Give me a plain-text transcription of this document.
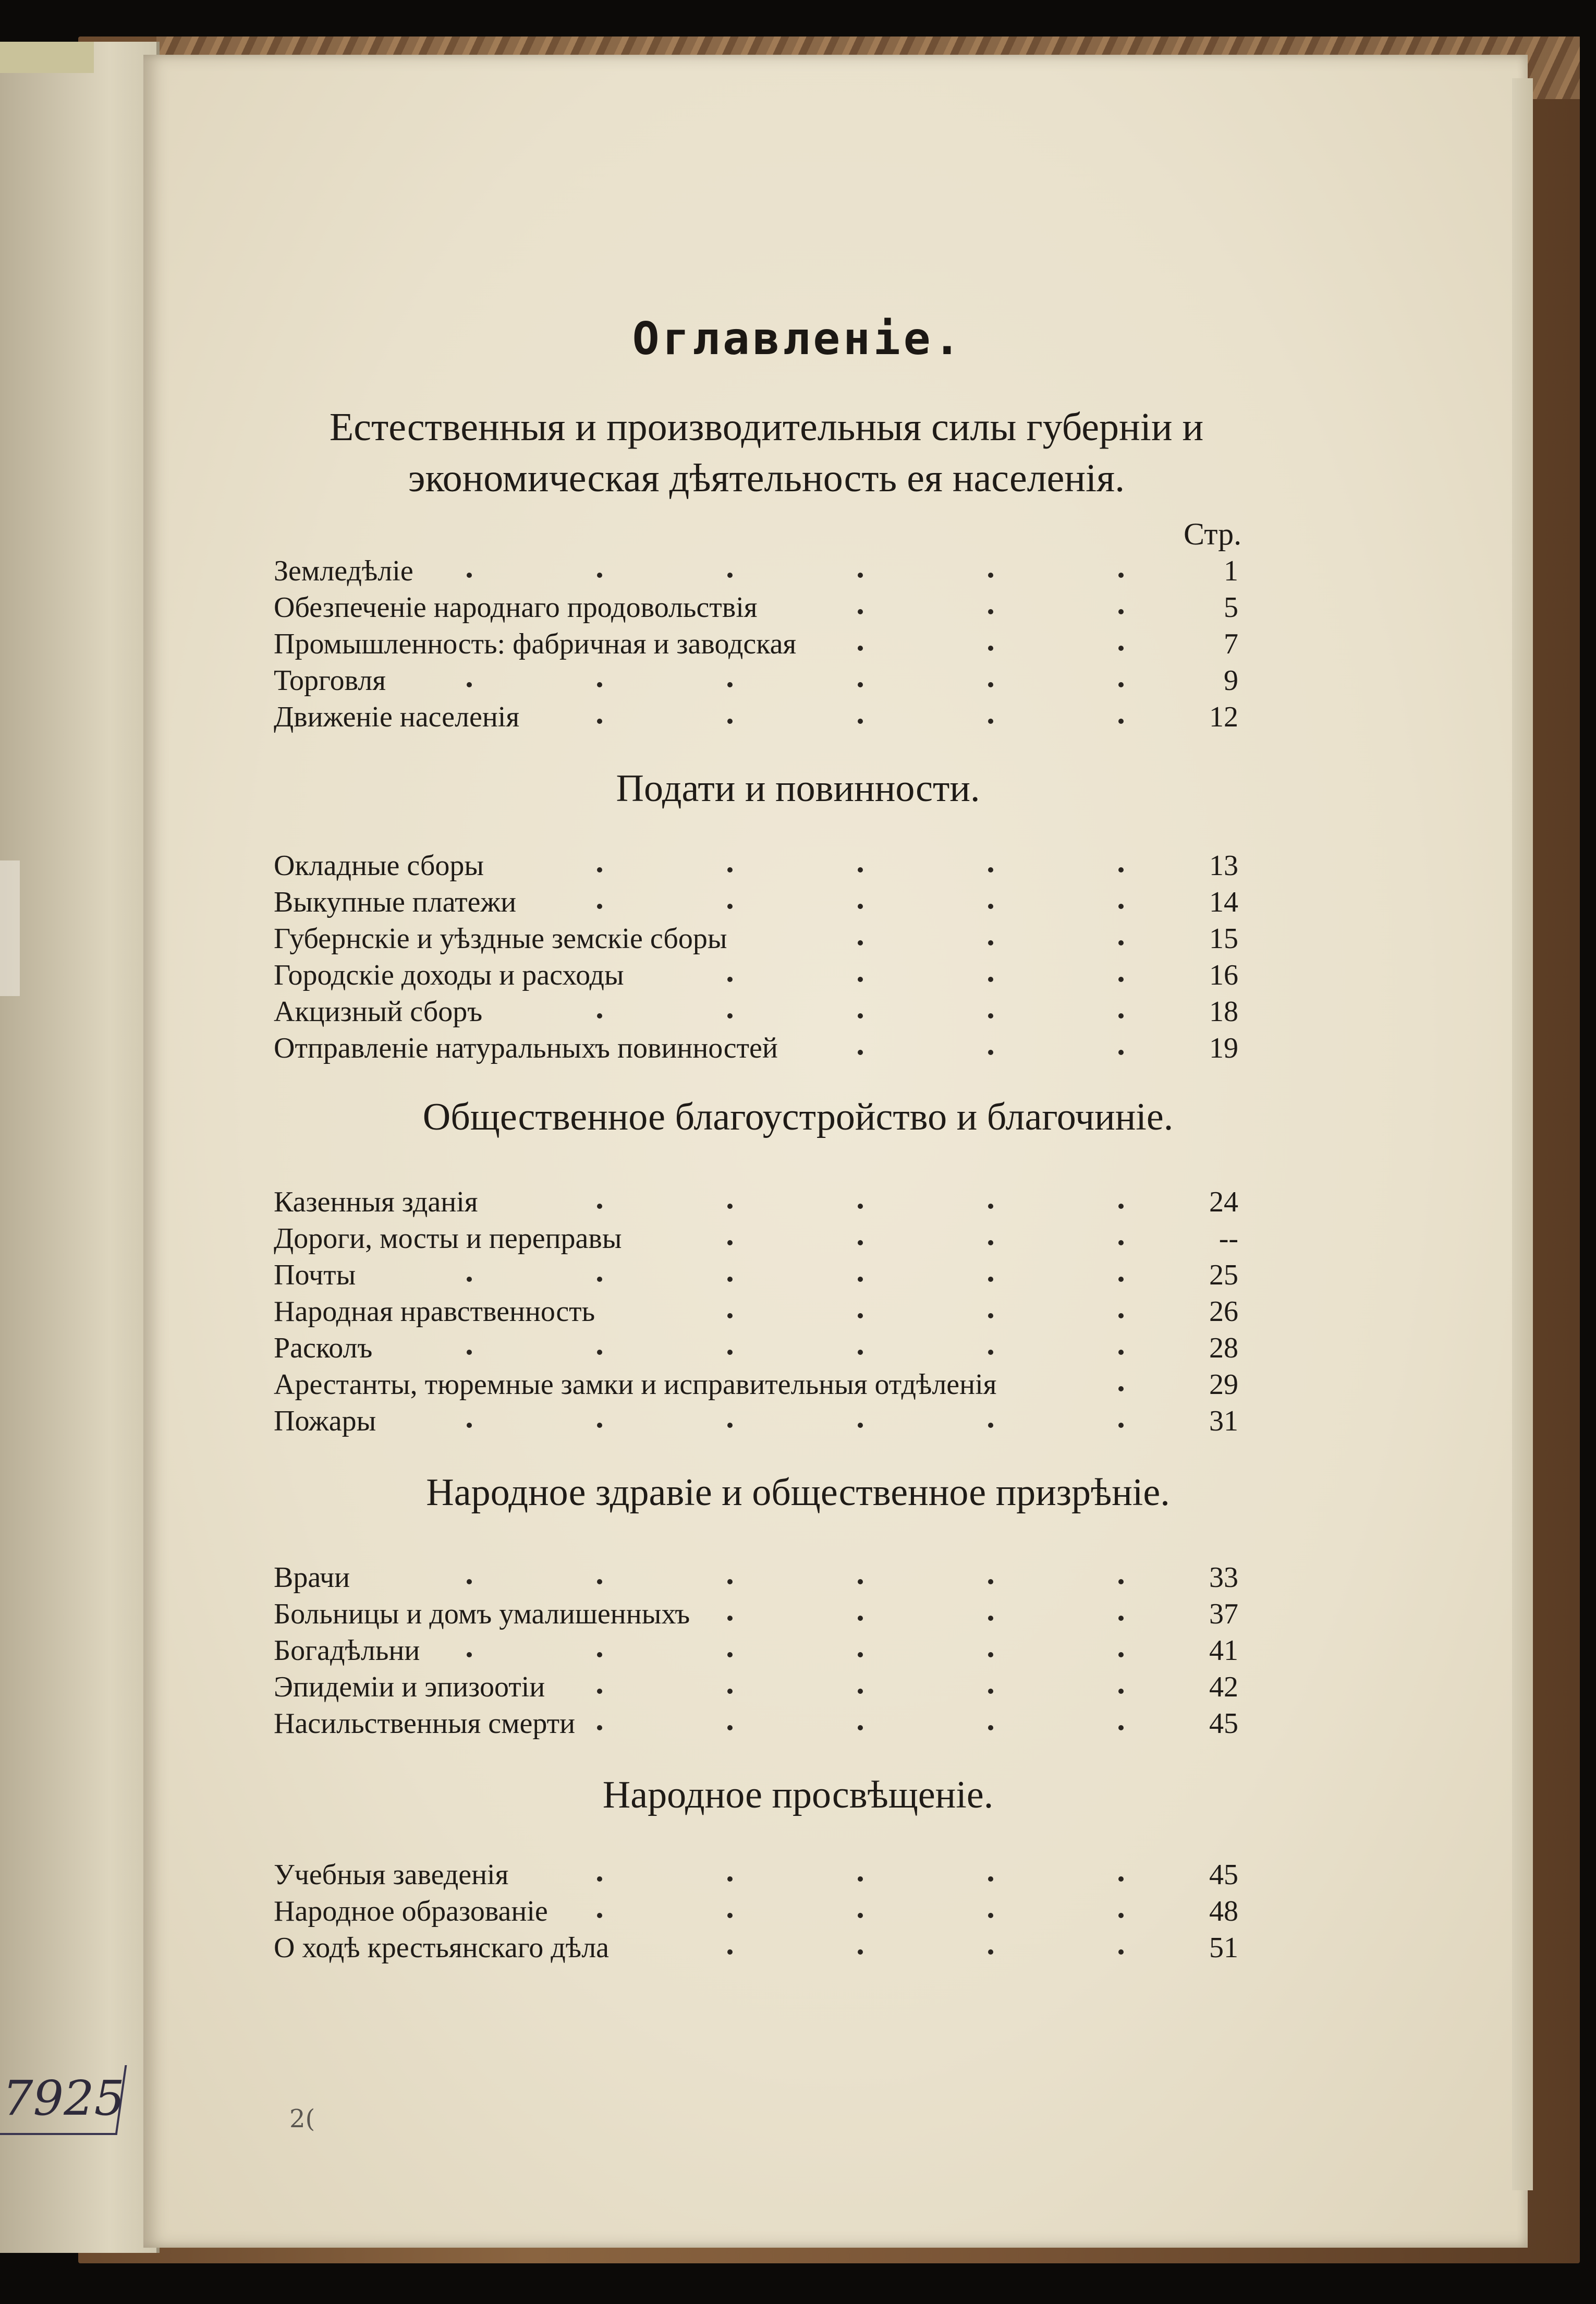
Оглавленіе.
Естественныя и производительныя силы губерніи и экономическая дѣятельность ея населенія.
Стр.
Земледѣліе	1
Обезпеченіе народнаго продовольствія	5
Промышленность: фабричная и заводская	7
Торговля	9
Движеніе населенія	12
Подати и повинности.
Окладные сборы	13
Выкупные платежи	14
Губернскіе и уѣздные земскіе сборы	15
Городскіе доходы и расходы	16
Акцизный сборъ	18
Отправленіе натуральныхъ повинностей	19
Общественное благоустройство и благочиніе.
Казенныя зданія	24
Дороги, мосты и переправы	--
Почты	25
Народная нравственность	26
Расколъ	28
Арестанты, тюремные замки и исправительныя отдѣленія	29
Пожары	31
Народное здравіе и общественное призрѣніе.
Врачи	33
Больницы и домъ умалишенныхъ	37
Богадѣльни	41
Эпидеміи и эпизоотіи	42
Насильственныя смерти	45
Народное просвѣщеніе.
Учебныя заведенія	45
Народное образованіе	48
О ходѣ крестьянскаго дѣла	51
7925	2(
